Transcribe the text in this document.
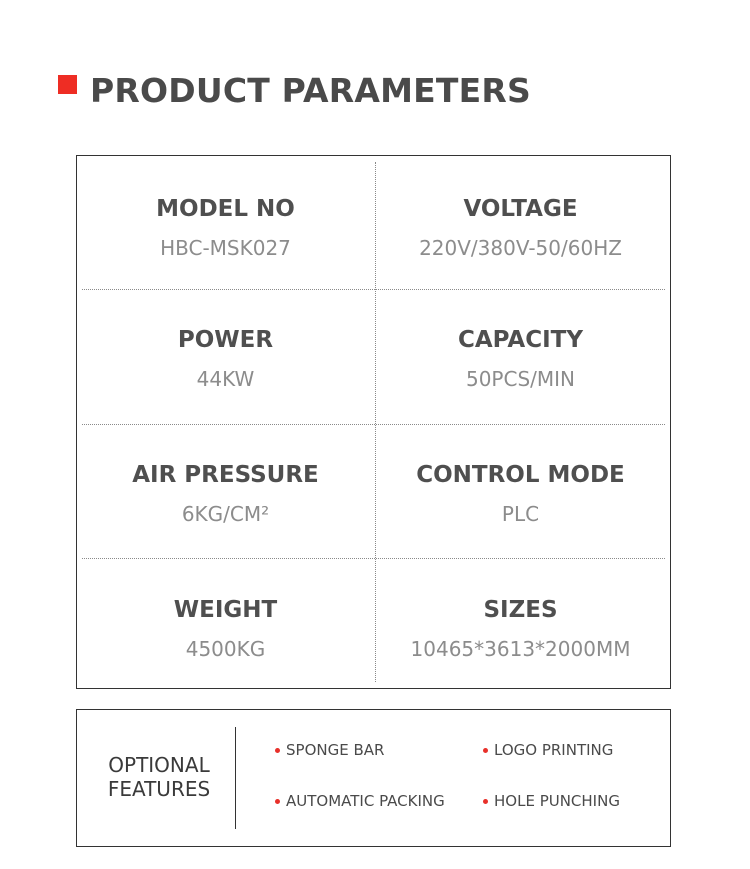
PRODUCT PARAMETERS
MODEL NO
HBC-MSK027
VOLTAGE
220V/380V-50/60HZ
POWER
44KW
CAPACITY
50PCS/MIN
AIR PRESSURE
6KG/CM²
CONTROL MODE
PLC
WEIGHT
4500KG
SIZES
10465*3613*2000MM
OPTIONAL
FEATURES
SPONGE BAR	LOGO PRINTING
AUTOMATIC PACKING	HOLE PUNCHING
